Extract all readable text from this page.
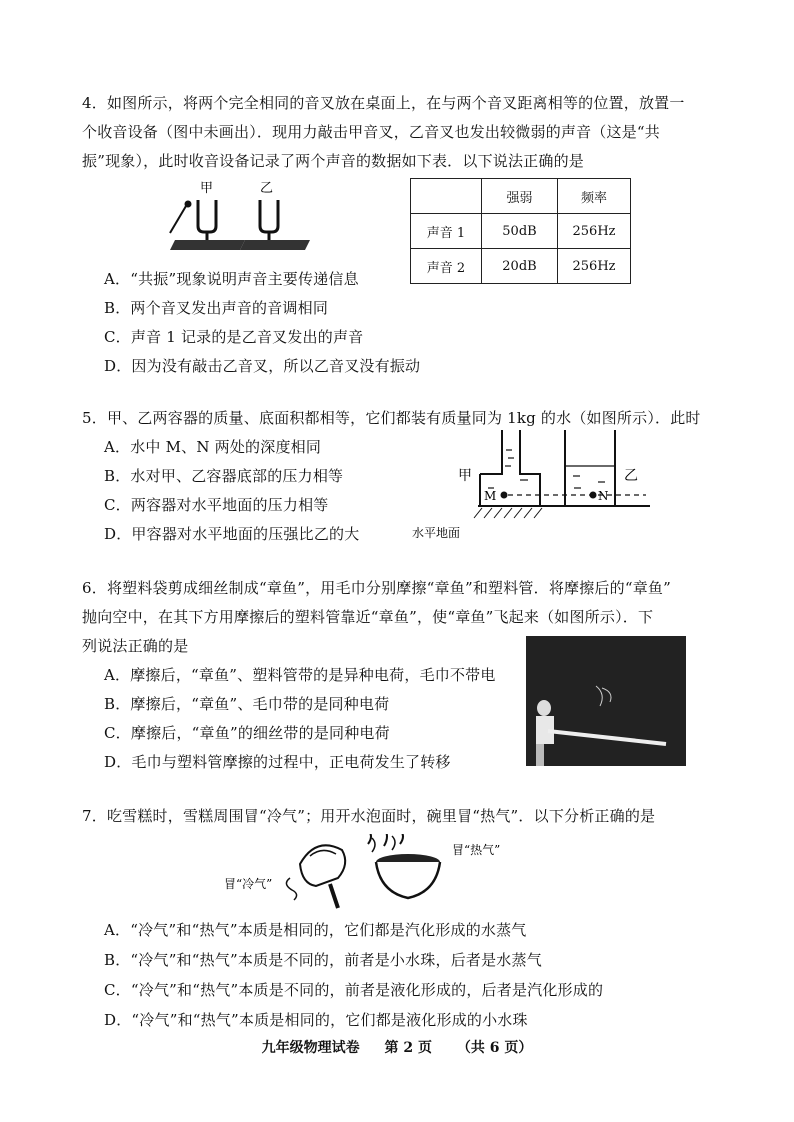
4．如图所示，将两个完全相同的音叉放在桌面上，在与两个音叉距离相等的位置，放置一
个收音设备（图中未画出）．现用力敲击甲音叉，乙音叉也发出较微弱的声音（这是“共
振”现象），此时收音设备记录了两个声音的数据如下表．以下说法正确的是
甲	乙
	强弱	频率
声音 1	50dB	256Hz
声音 2	20dB	256Hz
A．“共振”现象说明声音主要传递信息
B．两个音叉发出声音的音调相同
C．声音 1 记录的是乙音叉发出的声音
D．因为没有敲击乙音叉，所以乙音叉没有振动
5．甲、乙两容器的质量、底面积都相等，它们都装有质量同为 1kg 的水（如图所示）．此时
A．水中 M、N 两处的深度相同
B．水对甲、乙容器底部的压力相等
C．两容器对水平地面的压力相等
D．甲容器对水平地面的压强比乙的大	水平地面
M
甲
N
乙
6．将塑料袋剪成细丝制成“章鱼”，用毛巾分别摩擦“章鱼”和塑料管．将摩擦后的“章鱼”
抛向空中，在其下方用摩擦后的塑料管靠近“章鱼”，使“章鱼”飞起来（如图所示）．下
列说法正确的是
A．摩擦后，“章鱼”、塑料管带的是异种电荷，毛巾不带电
B．摩擦后，“章鱼”、毛巾带的是同种电荷
C．摩擦后，“章鱼”的细丝带的是同种电荷
D．毛巾与塑料管摩擦的过程中，正电荷发生了转移
7．吃雪糕时，雪糕周围冒“冷气”；用开水泡面时，碗里冒“热气”．以下分析正确的是
冒“冷气”
冒“热气”
A．“冷气”和“热气”本质是相同的，它们都是汽化形成的水蒸气
B．“冷气”和“热气”本质是不同的，前者是小水珠，后者是水蒸气
C．“冷气”和“热气”本质是不同的，前者是液化形成的，后者是汽化形成的
D．“冷气”和“热气”本质是相同的，它们都是液化形成的小水珠
九年级物理试卷 第 2 页 （共 6 页）
